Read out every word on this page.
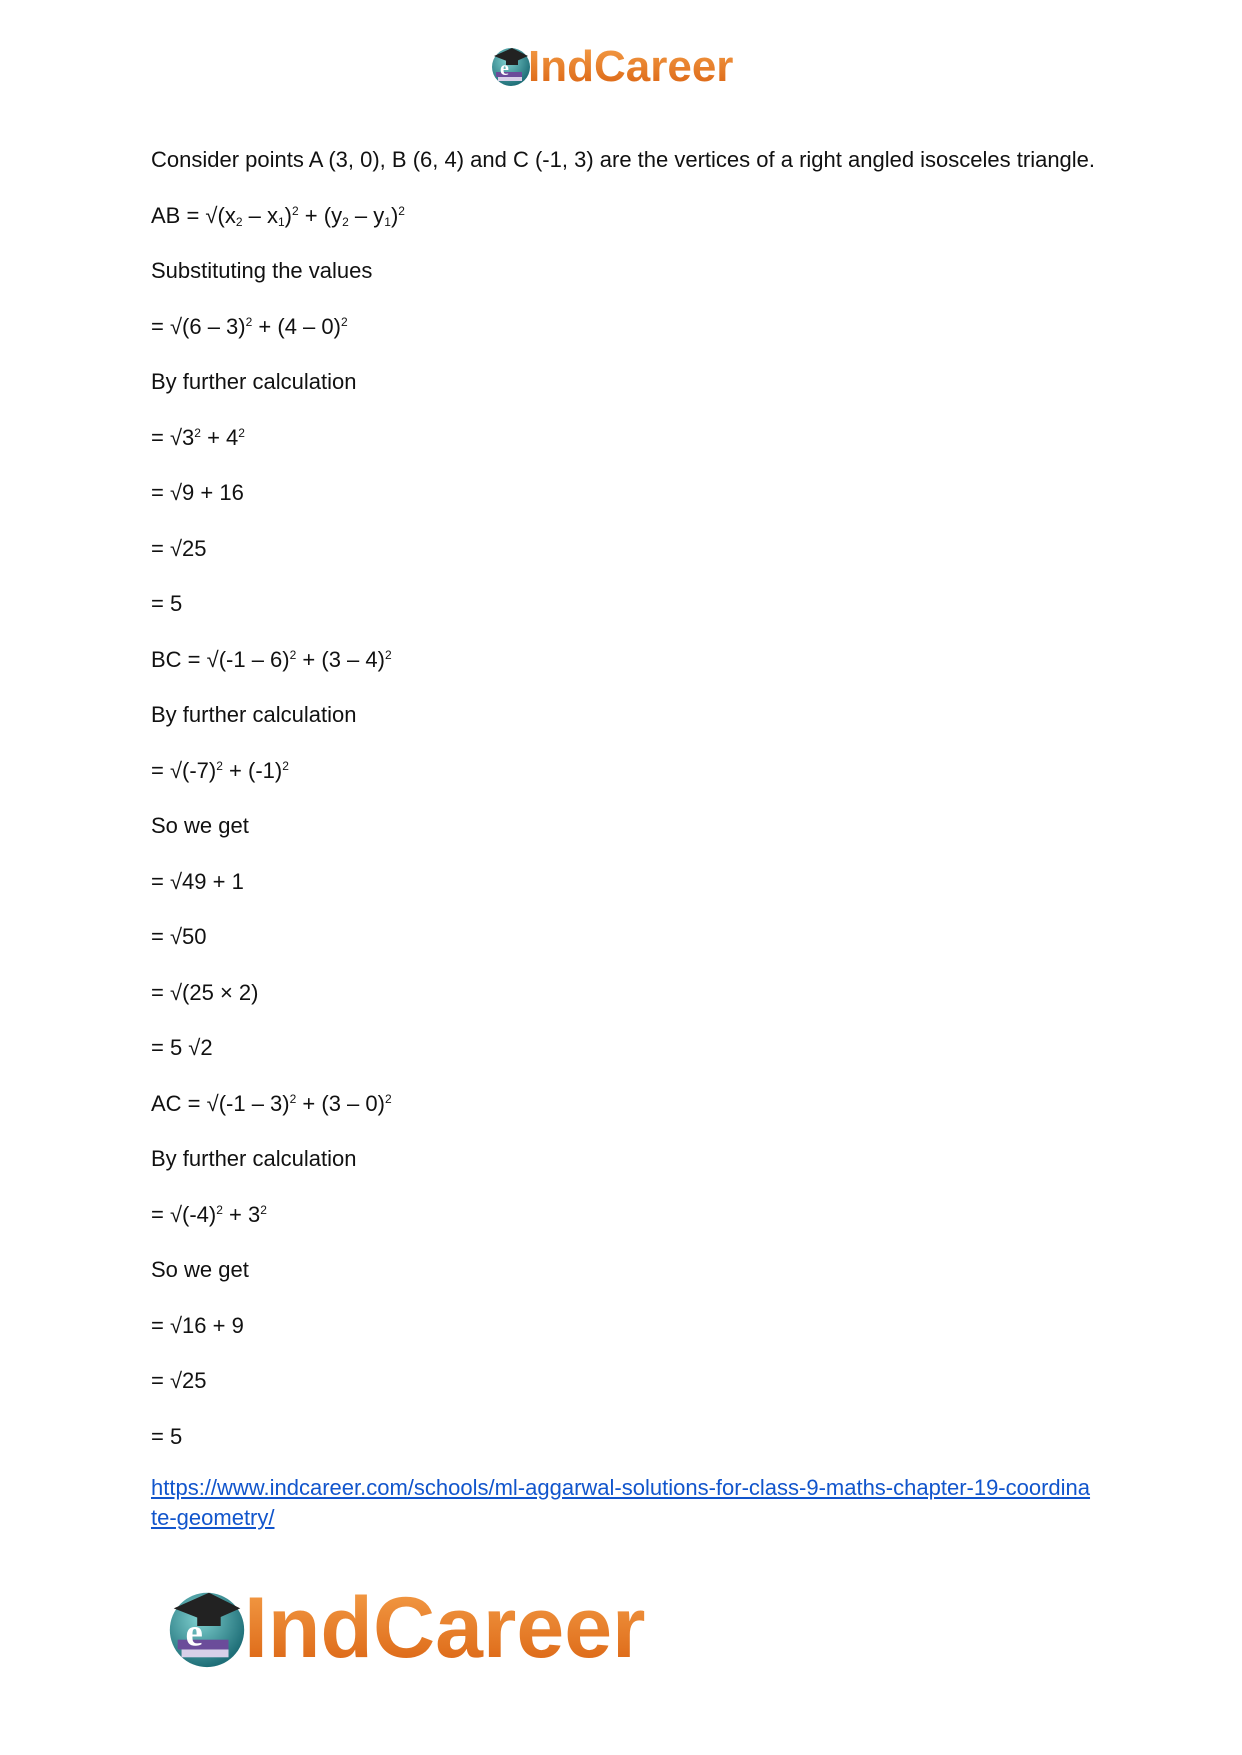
e IndCareer
Consider points A (3, 0), B (6, 4) and C (-1, 3) are the vertices of a right angled isosceles triangle.
AB = $√(x_2 - x_1)^2 + (y_2 - y_1)^2$
Substituting the values
= √(6 – 3)$^2$ + (4 – 0)$^2$
By further calculation
= $√3^2 + 4^2$
= √9 + 16
= √25
= 5
BC = √(-1 – 6)$^2$ + (3 – 4)$^2$
By further calculation
= $√(-7)^2 + (-1)^2$
So we get
= √49 + 1
= √50
= √(25 × 2)
= 5 √2
AC = √(-1 – 3)$^2$ + (3 – 0)$^2$
By further calculation
= $√(-4)^2 + 3^2$
So we get
= √16 + 9
= √25
= 5
https://www.indcareer.com/schools/ml-aggarwal-solutions-for-class-9-maths-chapter-19-coordinate-geometry/
e IndCareer
